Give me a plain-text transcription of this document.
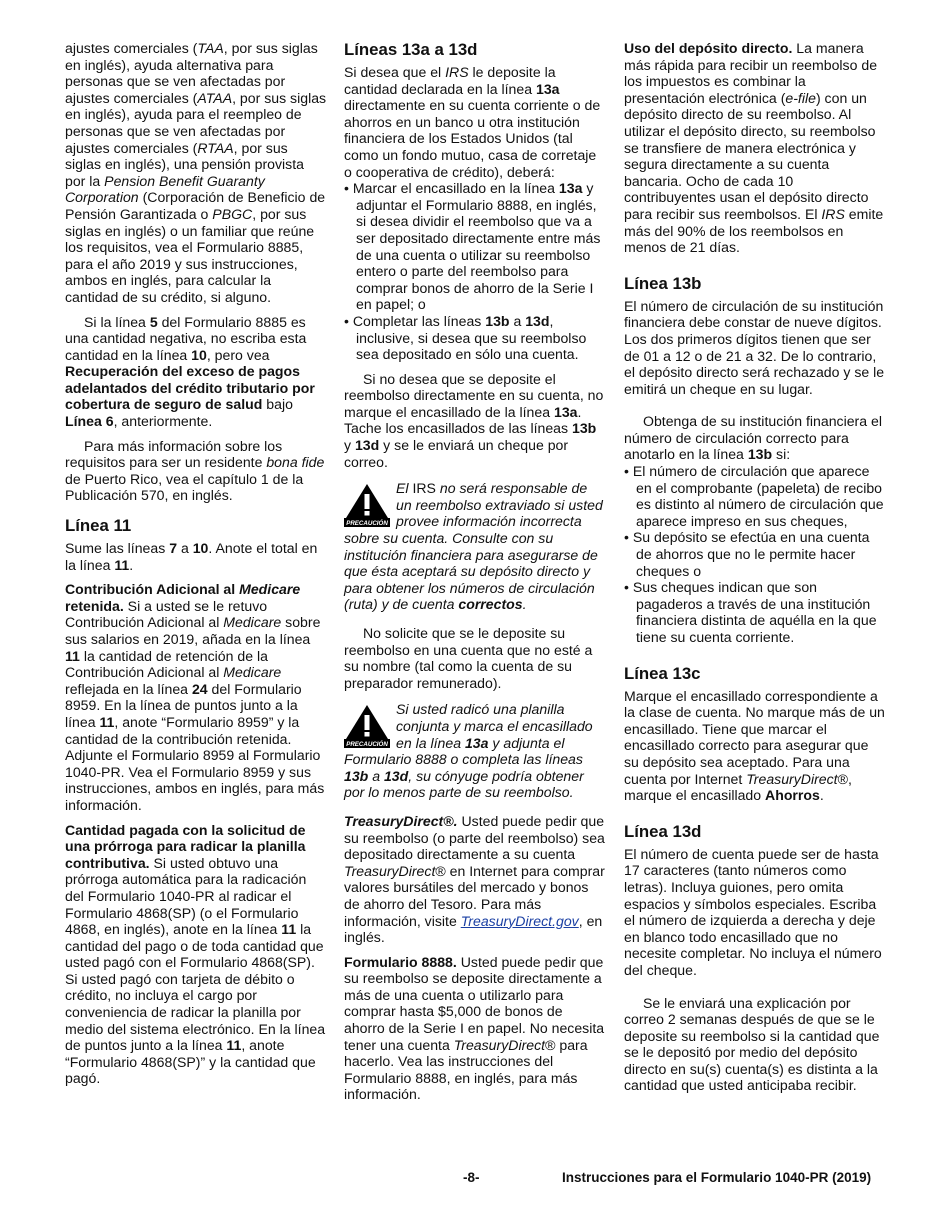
ajustes comerciales (TAA, por sus siglas en inglés), ayuda alternativa para personas que se ven afectadas por ajustes comerciales (ATAA, por sus siglas en inglés), ayuda para el reempleo de personas que se ven afectadas por ajustes comerciales (RTAA, por sus siglas en inglés), una pensión provista por la Pension Benefit Guaranty Corporation (Corporación de Beneficio de Pensión Garantizada o PBGC, por sus siglas en inglés) o un familiar que reúne los requisitos, vea el Formulario 8885, para el año 2019 y sus instrucciones, ambos en inglés, para calcular la cantidad de su crédito, si alguno.

Si la línea 5 del Formulario 8885 es una cantidad negativa, no escriba esta cantidad en la línea 10, pero vea Recuperación del exceso de pagos adelantados del crédito tributario por cobertura de seguro de salud bajo Línea 6, anteriormente.

Para más información sobre los requisitos para ser un residente bona fide de Puerto Rico, vea el capítulo 1 de la Publicación 570, en inglés.

Línea 11

Sume las líneas 7 a 10. Anote el total en la línea 11.

Contribución Adicional al Medicare retenida. Si a usted se le retuvo Contribución Adicional al Medicare sobre sus salarios en 2019, añada en la línea 11 la cantidad de retención de la Contribución Adicional al Medicare reflejada en la línea 24 del Formulario 8959. En la línea de puntos junto a la línea 11, anote “Formulario 8959” y la cantidad de la contribución retenida. Adjunte el Formulario 8959 al Formulario 1040-PR. Vea el Formulario 8959 y sus instrucciones, ambos en inglés, para más información.

Cantidad pagada con la solicitud de una prórroga para radicar la planilla contributiva. Si usted obtuvo una prórroga automática para la radicación del Formulario 1040-PR al radicar el Formulario 4868(SP) (o el Formulario 4868, en inglés), anote en la línea 11 la cantidad del pago o de toda cantidad que usted pagó con el Formulario 4868(SP). Si usted pagó con tarjeta de débito o crédito, no incluya el cargo por conveniencia de radicar la planilla por medio del sistema electrónico. En la línea de puntos junto a la línea 11, anote “Formulario 4868(SP)” y la cantidad que pagó.

Líneas 13a a 13d

Si desea que el IRS le deposite la cantidad declarada en la línea 13a directamente en su cuenta corriente o de ahorros en un banco u otra institución financiera de los Estados Unidos (tal como un fondo mutuo, casa de corretaje o cooperativa de crédito), deberá:

• Marcar el encasillado en la línea 13a y adjuntar el Formulario 8888, en inglés, si desea dividir el reembolso que va a ser depositado directamente entre más de una cuenta o utilizar su reembolso entero o parte del reembolso para comprar bonos de ahorro de la Serie I en papel; o

• Completar las líneas 13b a 13d, inclusive, si desea que su reembolso sea depositado en sólo una cuenta.

Si no desea que se deposite el reembolso directamente en su cuenta, no marque el encasillado de la línea 13a. Tache los encasillados de las líneas 13b y 13d y se le enviará un cheque por correo.

PRECAUCIÓN
El IRS no será responsable de un reembolso extraviado si usted provee información incorrecta sobre su cuenta. Consulte con su institución financiera para asegurarse de que ésta aceptará su depósito directo y para obtener los números de circulación (ruta) y de cuenta correctos.

No solicite que se le deposite su reembolso en una cuenta que no esté a su nombre (tal como la cuenta de su preparador remunerado).

PRECAUCIÓN
Si usted radicó una planilla conjunta y marca el encasillado en la línea 13a y adjunta el Formulario 8888 o completa las líneas 13b a 13d, su cónyuge podría obtener por lo menos parte de su reembolso.

TreasuryDirect®. Usted puede pedir que su reembolso (o parte del reembolso) sea depositado directamente a su cuenta TreasuryDirect® en Internet para comprar valores bursátiles del mercado y bonos de ahorro del Tesoro. Para más información, visite TreasuryDirect.gov, en inglés.

Formulario 8888. Usted puede pedir que su reembolso se deposite directamente a más de una cuenta o utilizarlo para comprar hasta $5,000 de bonos de ahorro de la Serie I en papel. No necesita tener una cuenta TreasuryDirect® para hacerlo. Vea las instrucciones del Formulario 8888, en inglés, para más información.

Uso del depósito directo. La manera más rápida para recibir un reembolso de los impuestos es combinar la presentación electrónica (e-file) con un depósito directo de su reembolso. Al utilizar el depósito directo, su reembolso se transfiere de manera electrónica y segura directamente a su cuenta bancaria. Ocho de cada 10 contribuyentes usan el depósito directo para recibir sus reembolsos. El IRS emite más del 90% de los reembolsos en menos de 21 días.

Línea 13b

El número de circulación de su institución financiera debe constar de nueve dígitos. Los dos primeros dígitos tienen que ser de 01 a 12 o de 21 a 32. De lo contrario, el depósito directo será rechazado y se le emitirá un cheque en su lugar.

Obtenga de su institución financiera el número de circulación correcto para anotarlo en la línea 13b si:

• El número de circulación que aparece en el comprobante (papeleta) de recibo es distinto al número de circulación que aparece impreso en sus cheques,

• Su depósito se efectúa en una cuenta de ahorros que no le permite hacer cheques o

• Sus cheques indican que son pagaderos a través de una institución financiera distinta de aquélla en la que tiene su cuenta corriente.

Línea 13c

Marque el encasillado correspondiente a la clase de cuenta. No marque más de un encasillado. Tiene que marcar el encasillado correcto para asegurar que su depósito sea aceptado. Para una cuenta por Internet TreasuryDirect®, marque el encasillado Ahorros.

Línea 13d

El número de cuenta puede ser de hasta 17 caracteres (tanto números como letras). Incluya guiones, pero omita espacios y símbolos especiales. Escriba el número de izquierda a derecha y deje en blanco todo encasillado que no necesite completar. No incluya el número del cheque.

Se le enviará una explicación por correo 2 semanas después de que se le deposite su reembolso si la cantidad que se le depositó por medio del depósito directo en su(s) cuenta(s) es distinta a la cantidad que usted anticipaba recibir.

-8-	Instrucciones para el Formulario 1040-PR (2019)
